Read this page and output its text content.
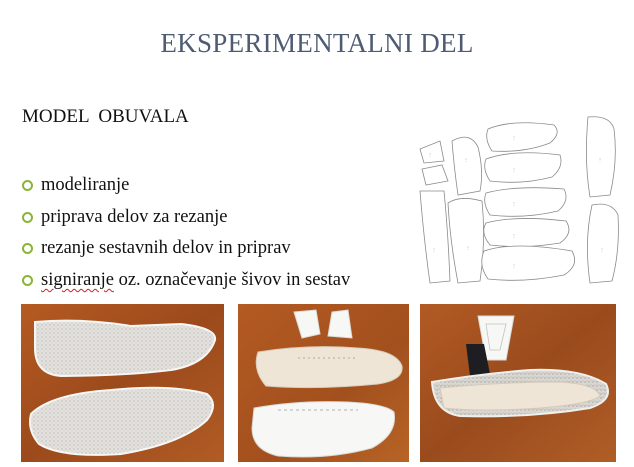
EKSPERIMENTALNI DEL
MODEL  OBUVALA
modeliranje
priprava delov za rezanje
rezanje sestavnih delov in priprav
signiranje oz. označevanje šivov in sestav
⋮
⋮
⋮	⋮
⋮
⋮
⋮
⋮
⋮
⋮
⋮
